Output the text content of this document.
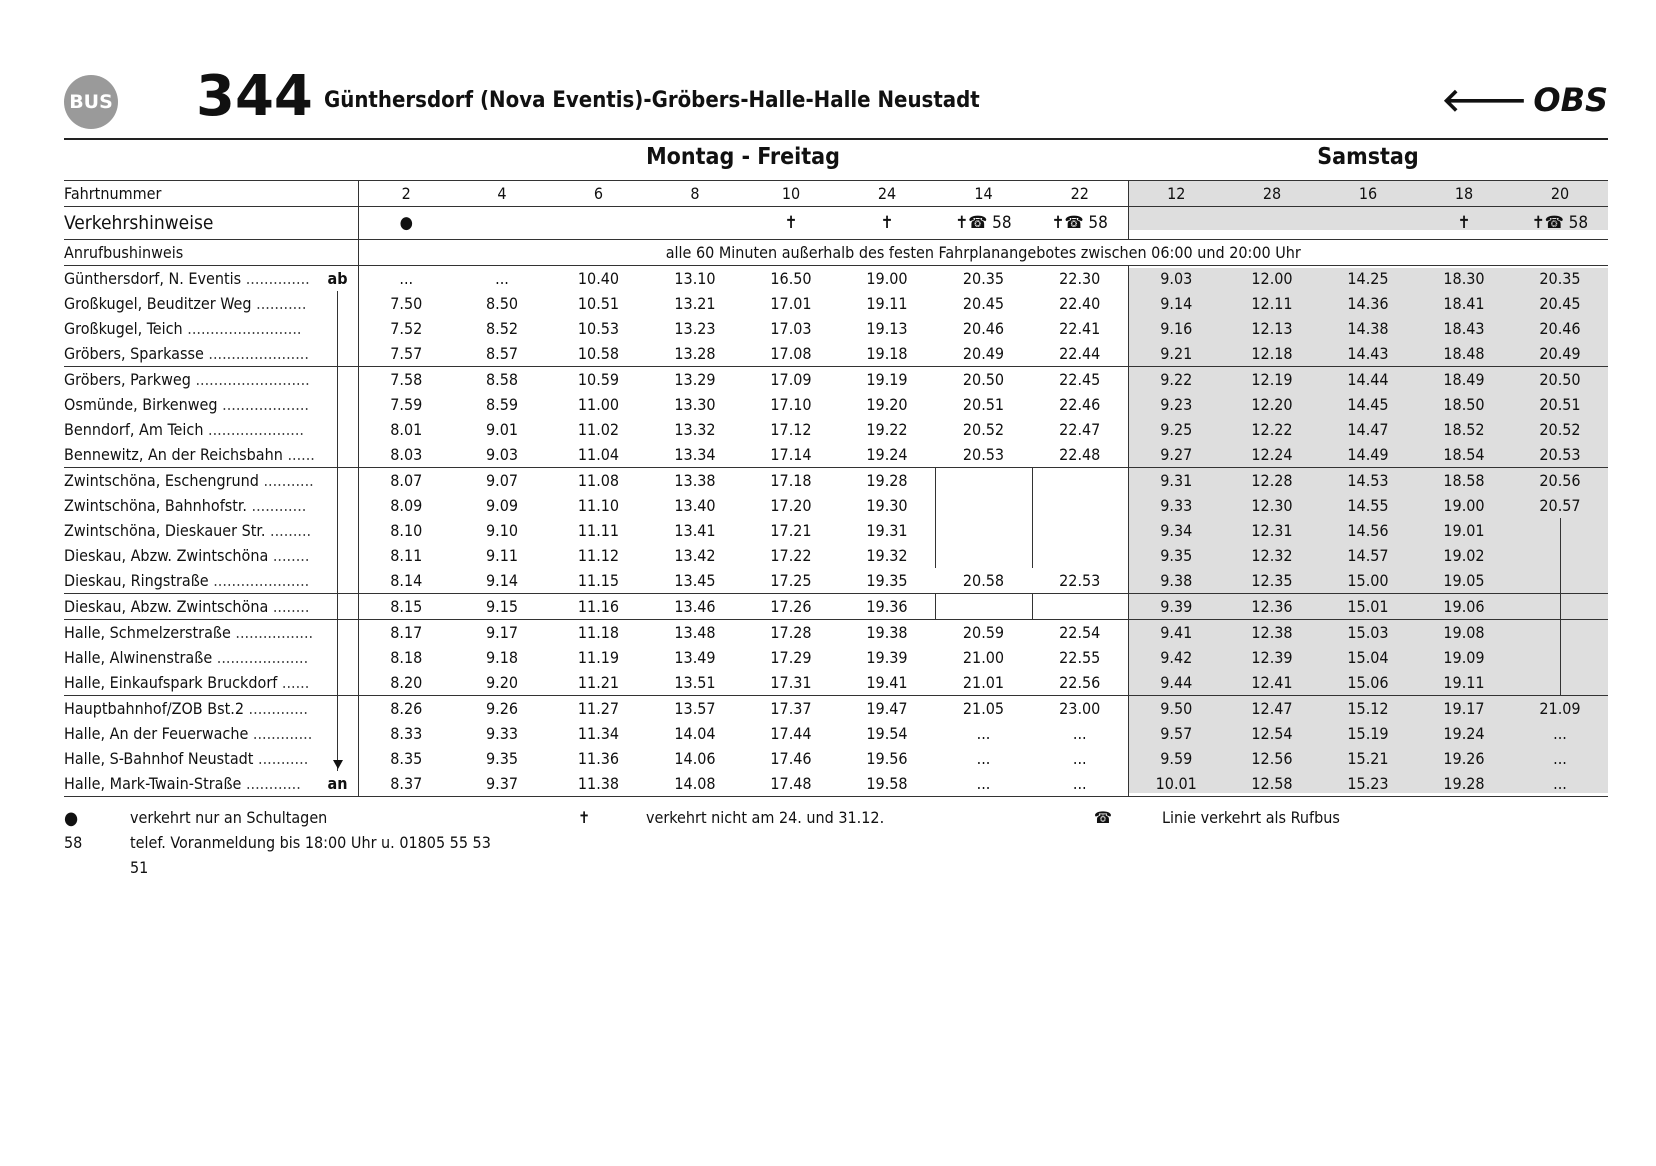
BUS 344 Günthersdorf (Nova Eventis)-Gröbers-Halle-Halle Neustadt	🡐 OBS
Montag - Freitag	Samstag
Fahrtnummer	2	4	6	8	10	24	14	22	12	28	16	18	20
Verkehrshinweise	●				✝	✝	✝☎ 58	✝☎ 58				✝	✝☎ 58
Anrufbushinweis	alle 60 Minuten außerhalb des festen Fahrplanangebotes zwischen 06:00 und 20:00 Uhr												

Günthersdorf, N. Eventis .............. ab	...	...	10.40	13.10	16.50	19.00	20.35	22.30	9.03	12.00	14.25	18.30	20.35

Großkugel, Beuditzer Weg ...........	7.50	8.50	10.51	13.21	17.01	19.11	20.45	22.40	9.14	12.11	14.36	18.41	20.45

Großkugel, Teich .........................	7.52	8.52	10.53	13.23	17.03	19.13	20.46	22.41	9.16	12.13	14.38	18.43	20.46

Gröbers, Sparkasse ......................	7.57	8.57	10.58	13.28	17.08	19.18	20.49	22.44	9.21	12.18	14.43	18.48	20.49

Gröbers, Parkweg .........................	7.58	8.58	10.59	13.29	17.09	19.19	20.50	22.45	9.22	12.19	14.44	18.49	20.50

Osmünde, Birkenweg ...................	7.59	8.59	11.00	13.30	17.10	19.20	20.51	22.46	9.23	12.20	14.45	18.50	20.51

Benndorf, Am Teich .....................	8.01	9.01	11.02	13.32	17.12	19.22	20.52	22.47	9.25	12.22	14.47	18.52	20.52

Bennewitz, An der Reichsbahn ......	8.03	9.03	11.04	13.34	17.14	19.24	20.53	22.48	9.27	12.24	14.49	18.54	20.53

Zwintschöna, Eschengrund ...........	8.07	9.07	11.08	13.38	17.18	19.28			9.31	12.28	14.53	18.58	20.56

Zwintschöna, Bahnhofstr. ............	8.09	9.09	11.10	13.40	17.20	19.30			9.33	12.30	14.55	19.00	20.57

Zwintschöna, Dieskauer Str. .........	8.10	9.10	11.11	13.41	17.21	19.31			9.34	12.31	14.56	19.01	

Dieskau, Abzw. Zwintschöna ........	8.11	9.11	11.12	13.42	17.22	19.32			9.35	12.32	14.57	19.02	

Dieskau, Ringstraße .....................	8.14	9.14	11.15	13.45	17.25	19.35	20.58	22.53	9.38	12.35	15.00	19.05	

Dieskau, Abzw. Zwintschöna ........	8.15	9.15	11.16	13.46	17.26	19.36			9.39	12.36	15.01	19.06	

Halle, Schmelzerstraße .................	8.17	9.17	11.18	13.48	17.28	19.38	20.59	22.54	9.41	12.38	15.03	19.08	

Halle, Alwinenstraße ....................	8.18	9.18	11.19	13.49	17.29	19.39	21.00	22.55	9.42	12.39	15.04	19.09	

Halle, Einkaufspark Bruckdorf ......	8.20	9.20	11.21	13.51	17.31	19.41	21.01	22.56	9.44	12.41	15.06	19.11	

Hauptbahnhof/ZOB Bst.2 .............	8.26	9.26	11.27	13.57	17.37	19.47	21.05	23.00	9.50	12.47	15.12	19.17	21.09

Halle, An der Feuerwache .............	8.33	9.33	11.34	14.04	17.44	19.54	...	...	9.57	12.54	15.19	19.24	...

Halle, S-Bahnhof Neustadt ...........	8.35	9.35	11.36	14.06	17.46	19.56	...	...	9.59	12.56	15.21	19.26	...

Halle, Mark-Twain-Straße ............ an	8.37	9.37	11.38	14.08	17.48	19.58	...	...	10.01	12.58	15.23	19.28	...
●	verkehrt nur an Schultagen	✝	verkehrt nicht am 24. und 31.12.	☎	Linie verkehrt als Rufbus
58	telef. Voranmeldung bis 18:00 Uhr u. 01805 55 53
51
